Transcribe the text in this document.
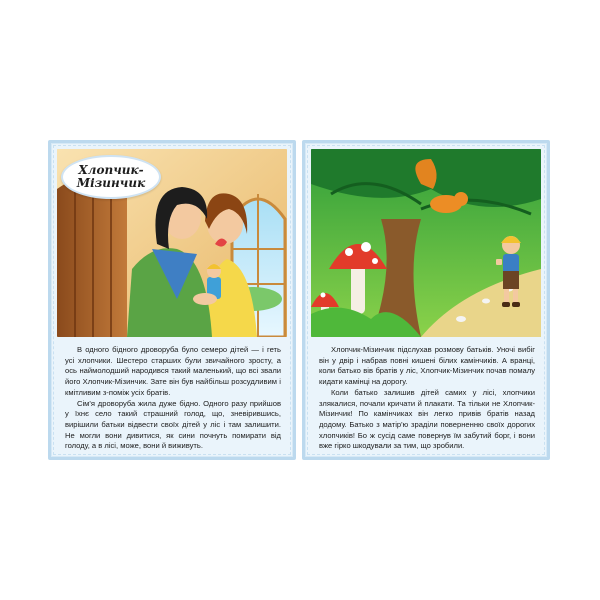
Хлопчик-Мізинчик

В одного бідного дроворуба було семеро дітей — і геть усі хлопчики. Шестеро старших були звичайного зросту, а ось наймолодший народився такий маленький, що всі звали його Хлопчик-Мізинчик. Зате він був найбільш розсудливим і кмітливим з-поміж усіх братів.

Сім'я дроворуба жила дуже бідно. Одного разу прийшов у їхнє село такий страшний голод, що, зневірившись, вирішили батьки відвести своїх дітей у ліс і там залишити. Не могли вони дивитися, як сини почнуть помирати від голоду, а в лісі, може, вони й виживуть.

Хлопчик-Мізинчик підслухав розмову батьків. Уночі вибіг він у двір і набрав повні кишені білих камінчиків. А вранці, коли батько вів братів у ліс, Хлопчик-Мізинчик почав помалу кидати камінці на дорогу.

Коли батько залишив дітей самих у лісі, хлопчики злякалися, почали кричати й плакати. Та тільки не Хлопчик-Мізинчик! По камінчиках він легко привів братів назад додому. Батько з матір'ю зраділи поверненню своїх дорогих хлопчиків! Бо ж сусід саме повернув їм забутий борг, і вони вже гірко шкодували за тим, що зробили.
